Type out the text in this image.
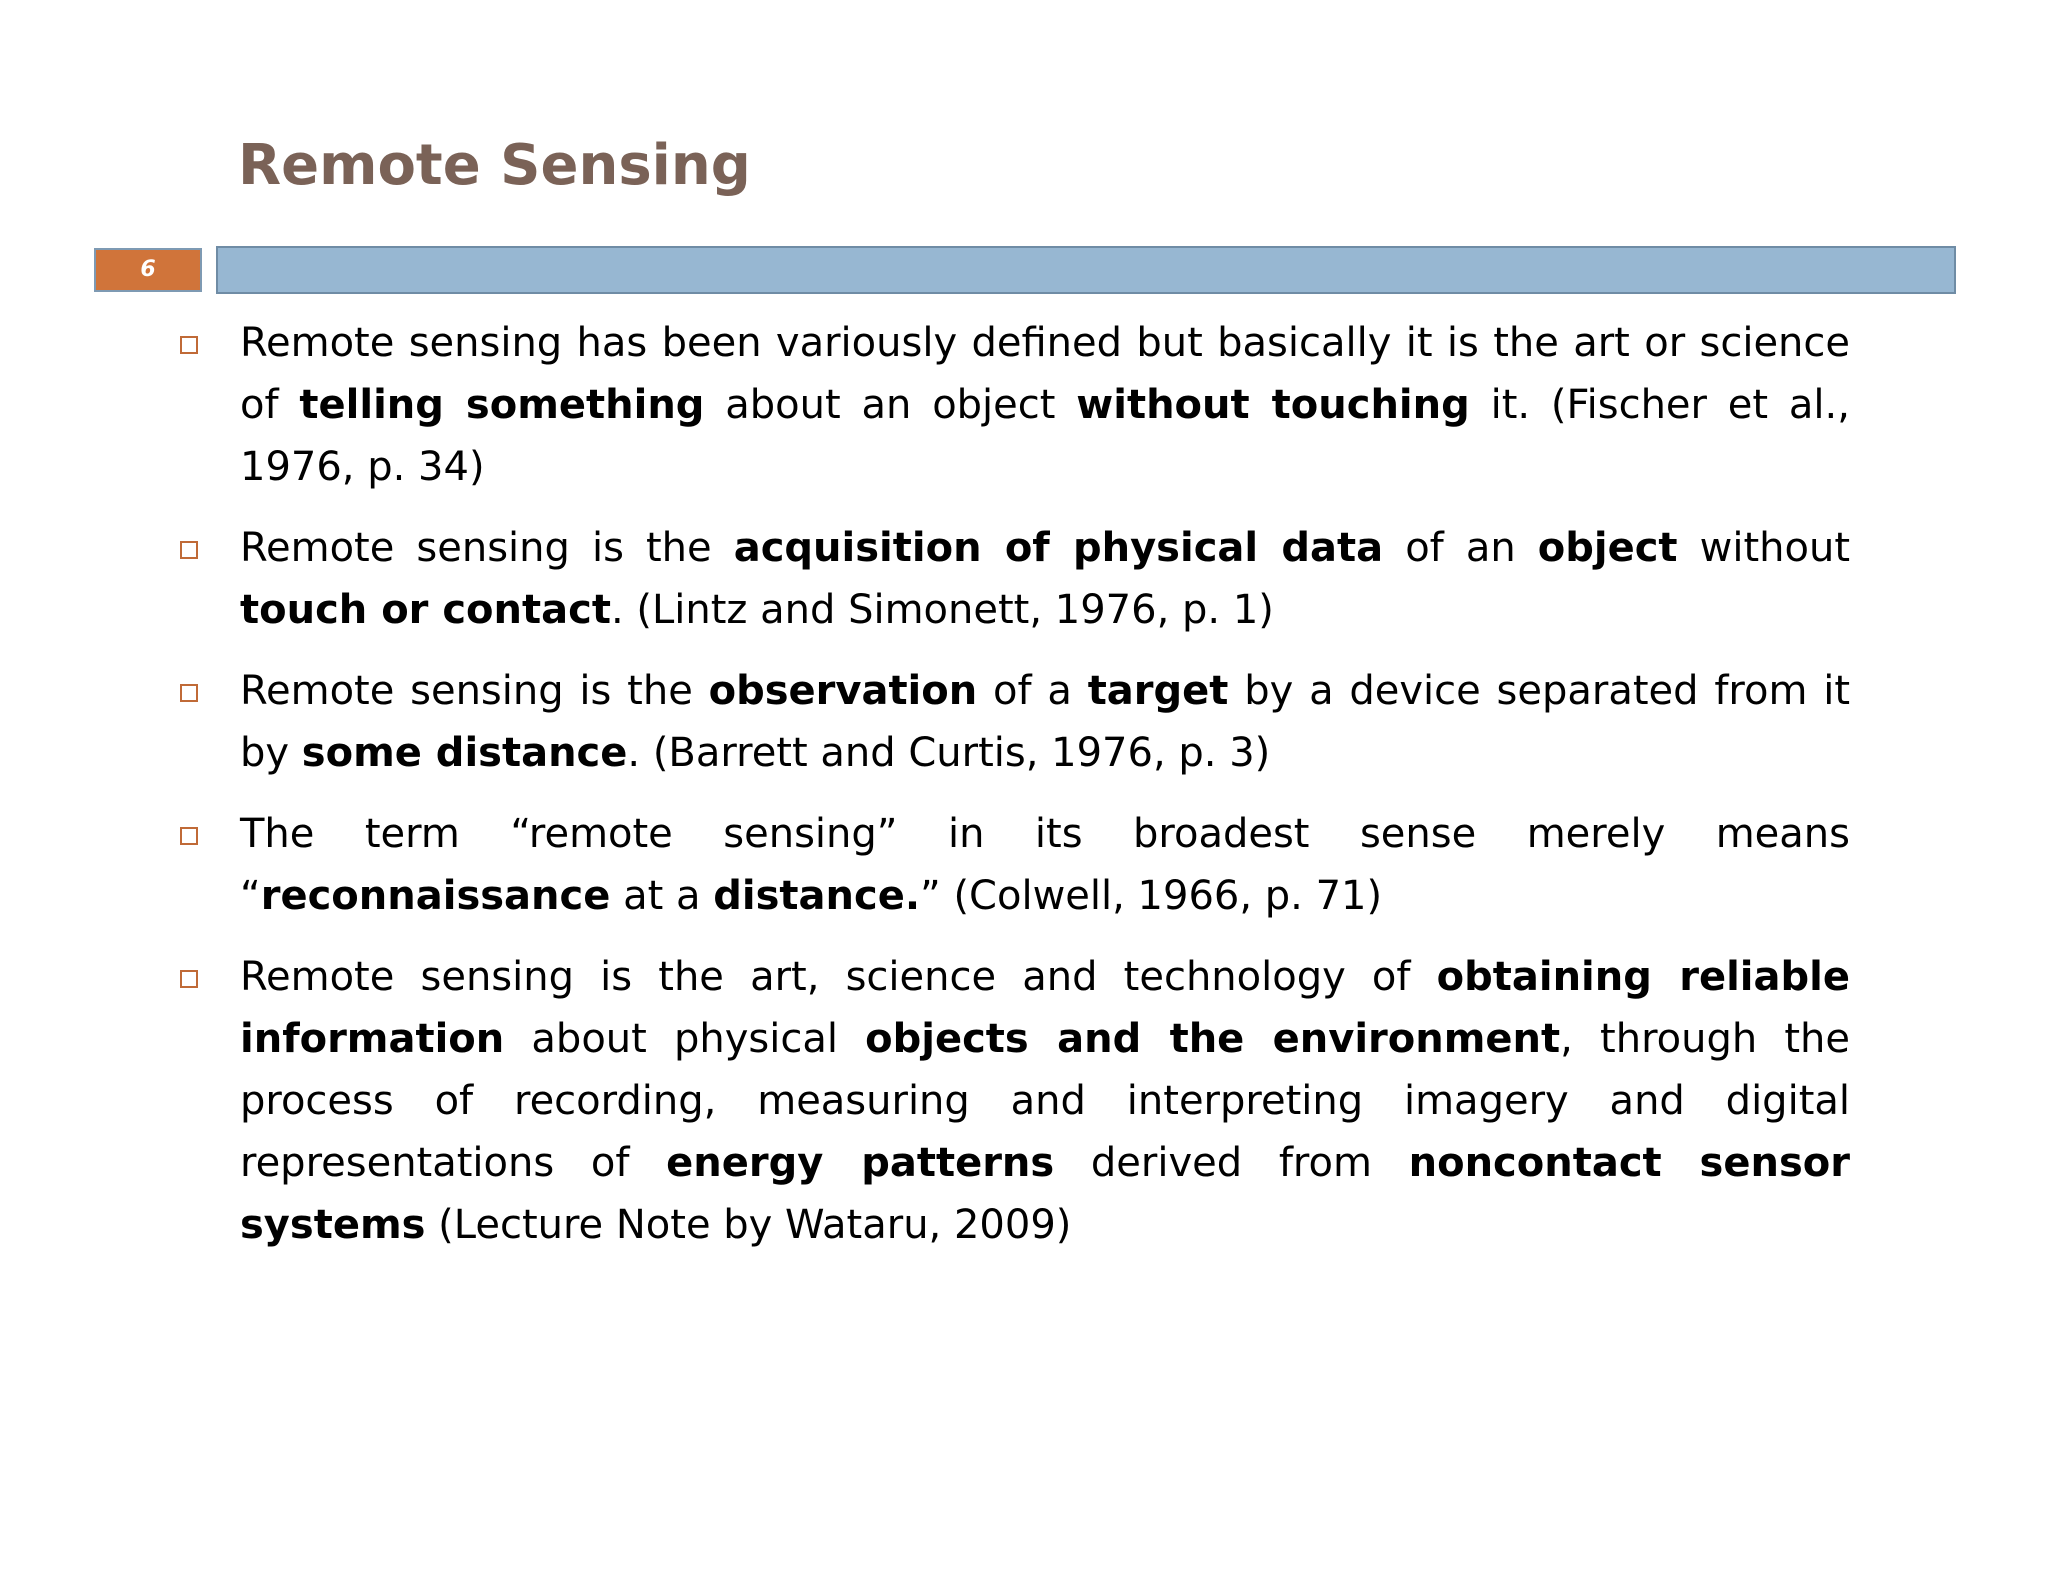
Remote Sensing
6
Remote sensing has been variously defined but basically it is the art or science of telling something about an object without touching it. (Fischer et al., 1976, p. 34)
Remote sensing is the acquisition of physical data of an object without touch or contact. (Lintz and Simonett, 1976, p. 1)
Remote sensing is the observation of a target by a device separated from it by some distance. (Barrett and Curtis, 1976, p. 3)
The term “remote sensing” in its broadest sense merely means “reconnaissance at a distance.” (Colwell, 1966, p. 71)
Remote sensing is the art, science and technology of obtaining reliable information about physical objects and the environment, through the process of recording, measuring and interpreting imagery and digital representations of energy patterns derived from noncontact sensor systems (Lecture Note by Wataru, 2009)
